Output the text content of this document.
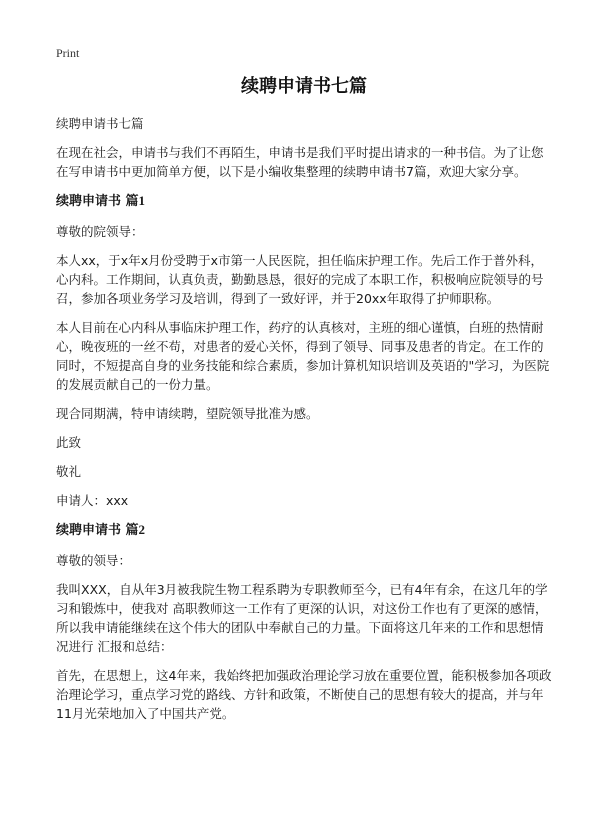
Print
续聘申请书七篇
续聘申请书七篇
在现在社会，申请书与我们不再陌生，申请书是我们平时提出请求的一种书信。为了让您在写申请书中更加简单方便，以下是小编收集整理的续聘申请书7篇，欢迎大家分享。
续聘申请书 篇1
尊敬的院领导：
本人xx，于x年x月份受聘于x市第一人民医院，担任临床护理工作。先后工作于普外科，心内科。工作期间，认真负责，勤勤恳恳，很好的完成了本职工作，积极响应院领导的号召，参加各项业务学习及培训，得到了一致好评，并于20xx年取得了护师职称。
本人目前在心内科从事临床护理工作，药疗的认真核对，主班的细心谨慎，白班的热情耐心，晚夜班的一丝不苟，对患者的爱心关怀，得到了领导、同事及患者的肯定。在工作的同时，不短提高自身的业务技能和综合素质，参加计算机知识培训及英语的"学习，为医院的发展贡献自己的一份力量。
现合同期满，特申请续聘，望院领导批准为感。
此致
敬礼
申请人：xxx
续聘申请书 篇2
尊敬的领导：
我叫XXX，自从年3月被我院生物工程系聘为专职教师至今，已有4年有余，在这几年的学习和锻炼中，使我对 高职教师这一工作有了更深的认识，对这份工作也有了更深的感情，所以我申请能继续在这个伟大的团队中奉献自己的力量。下面将这几年来的工作和思想情况进行 汇报和总结：
首先，在思想上，这4年来，我始终把加强政治理论学习放在重要位置，能积极参加各项政治理论学习，重点学习党的路线、方针和政策，不断使自己的思想有较大的提高，并与年11月光荣地加入了中国共产党。
